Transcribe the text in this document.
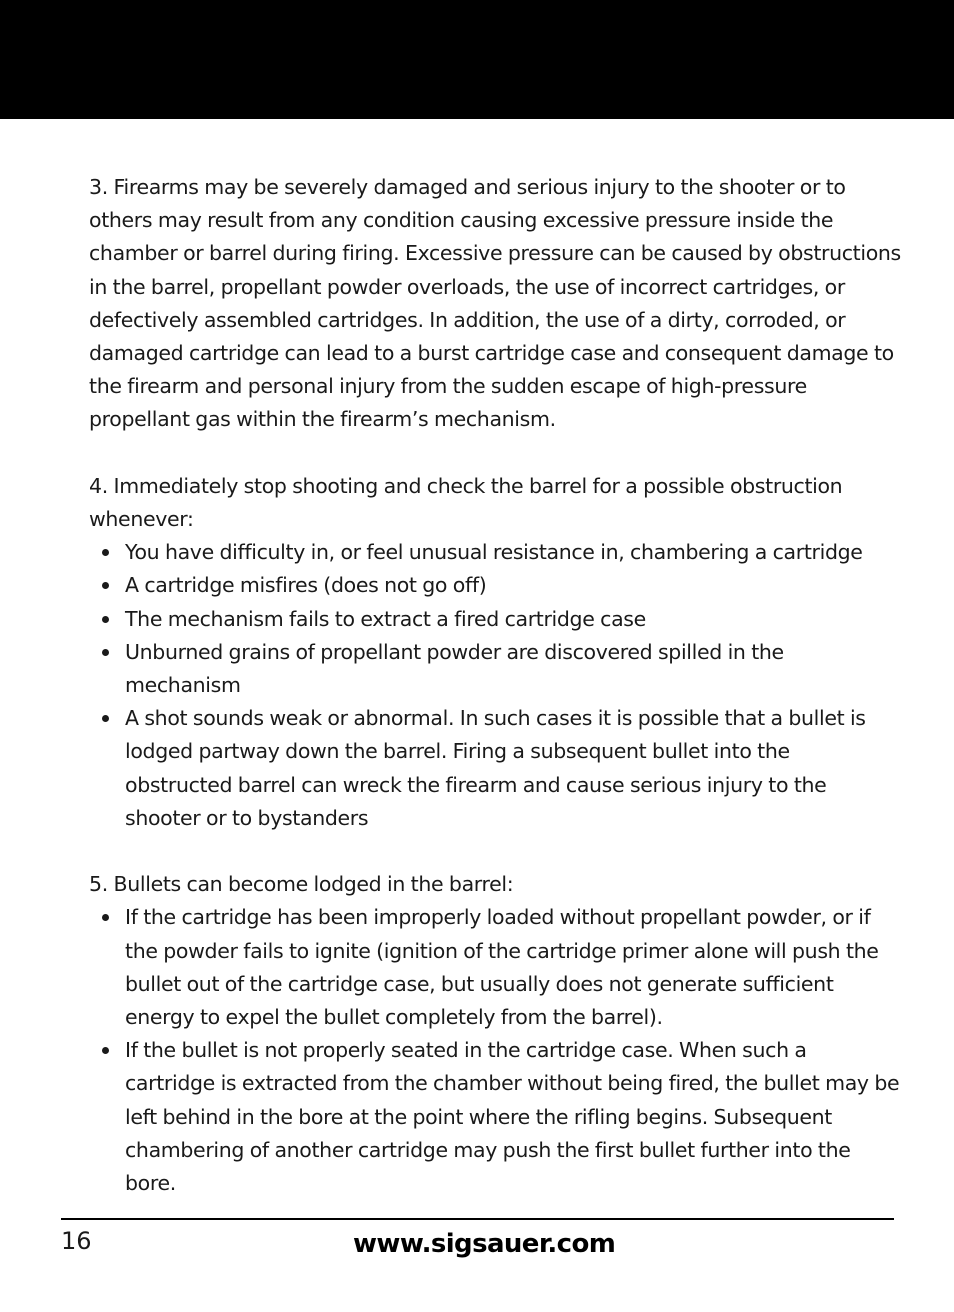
3. Firearms may be severely damaged and serious injury to the shooter or to others may result from any condition causing excessive pressure inside the chamber or barrel during firing. Excessive pressure can be caused by obstructions in the barrel, propellant powder overloads, the use of incorrect cartridges, or defectively assembled cartridges. In addition, the use of a dirty, corroded, or damaged cartridge can lead to a burst cartridge case and consequent damage to the firearm and personal injury from the sudden escape of high-pressure propellant gas within the firearm’s mechanism.

4. Immediately stop shooting and check the barrel for a possible obstruction whenever:

You have difficulty in, or feel unusual resistance in, chambering a cartridge
A cartridge misfires (does not go off)
The mechanism fails to extract a fired cartridge case
Unburned grains of propellant powder are discovered spilled in the mechanism
A shot sounds weak or abnormal. In such cases it is possible that a bullet is lodged partway down the barrel. Firing a subsequent bullet into the obstructed barrel can wreck the firearm and cause serious injury to the shooter or to bystanders

5. Bullets can become lodged in the barrel:

If the cartridge has been improperly loaded without propellant powder, or if the powder fails to ignite (ignition of the cartridge primer alone will push the bullet out of the cartridge case, but usually does not generate sufficient energy to expel the bullet completely from the barrel).
If the bullet is not properly seated in the cartridge case. When such a cartridge is extracted from the chamber without being fired, the bullet may be left behind in the bore at the point where the rifling begins. Subsequent chambering of another cartridge may push the first bullet further into the bore.
16	www.sigsauer.com
